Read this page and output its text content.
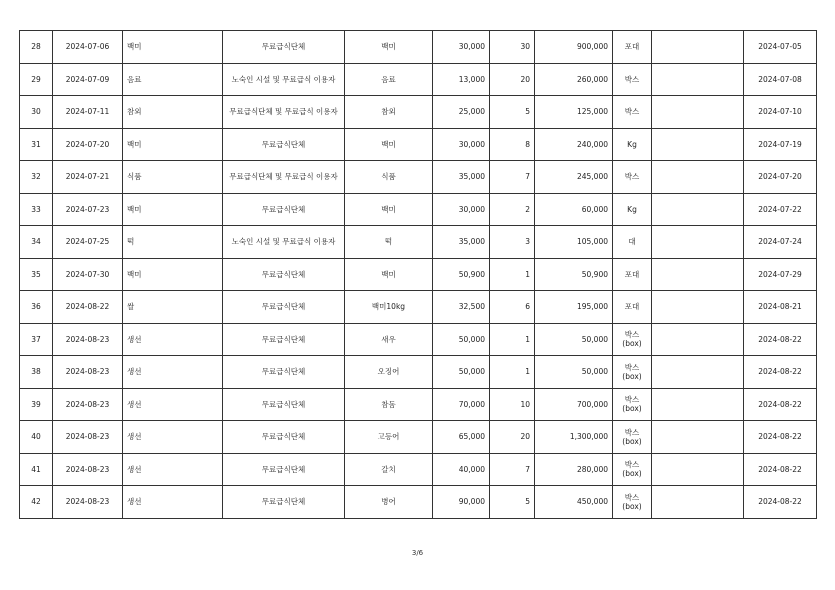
28	2024-07-06	백미	무료급식단체	백미	30,000	30	900,000	포대		2024-07-05
29	2024-07-09	음료	노숙인 시설 및 무료급식 이용자	음료	13,000	20	260,000	박스		2024-07-08
30	2024-07-11	참외	무료급식단체 및 무료급식 이용자	참외	25,000	5	125,000	박스		2024-07-10
31	2024-07-20	백미	무료급식단체	백미	30,000	8	240,000	Kg		2024-07-19
32	2024-07-21	식품	무료급식단체 및 무료급식 이용자	식품	35,000	7	245,000	박스		2024-07-20
33	2024-07-23	백미	무료급식단체	백미	30,000	2	60,000	Kg		2024-07-22
34	2024-07-25	떡	노숙인 시설 및 무료급식 이용자	떡	35,000	3	105,000	대		2024-07-24
35	2024-07-30	백미	무료급식단체	백미	50,900	1	50,900	포대		2024-07-29
36	2024-08-22	쌀	무료급식단체	백미10kg	32,500	6	195,000	포대		2024-08-21
37	2024-08-23	생선	무료급식단체	새우	50,000	1	50,000	박스 (box)		2024-08-22
38	2024-08-23	생선	무료급식단체	오징어	50,000	1	50,000	박스 (box)		2024-08-22
39	2024-08-23	생선	무료급식단체	참돔	70,000	10	700,000	박스 (box)		2024-08-22
40	2024-08-23	생선	무료급식단체	고등어	65,000	20	1,300,000	박스 (box)		2024-08-22
41	2024-08-23	생선	무료급식단체	갈치	40,000	7	280,000	박스 (box)		2024-08-22
42	2024-08-23	생선	무료급식단체	병어	90,000	5	450,000	박스 (box)		2024-08-22
3/6
